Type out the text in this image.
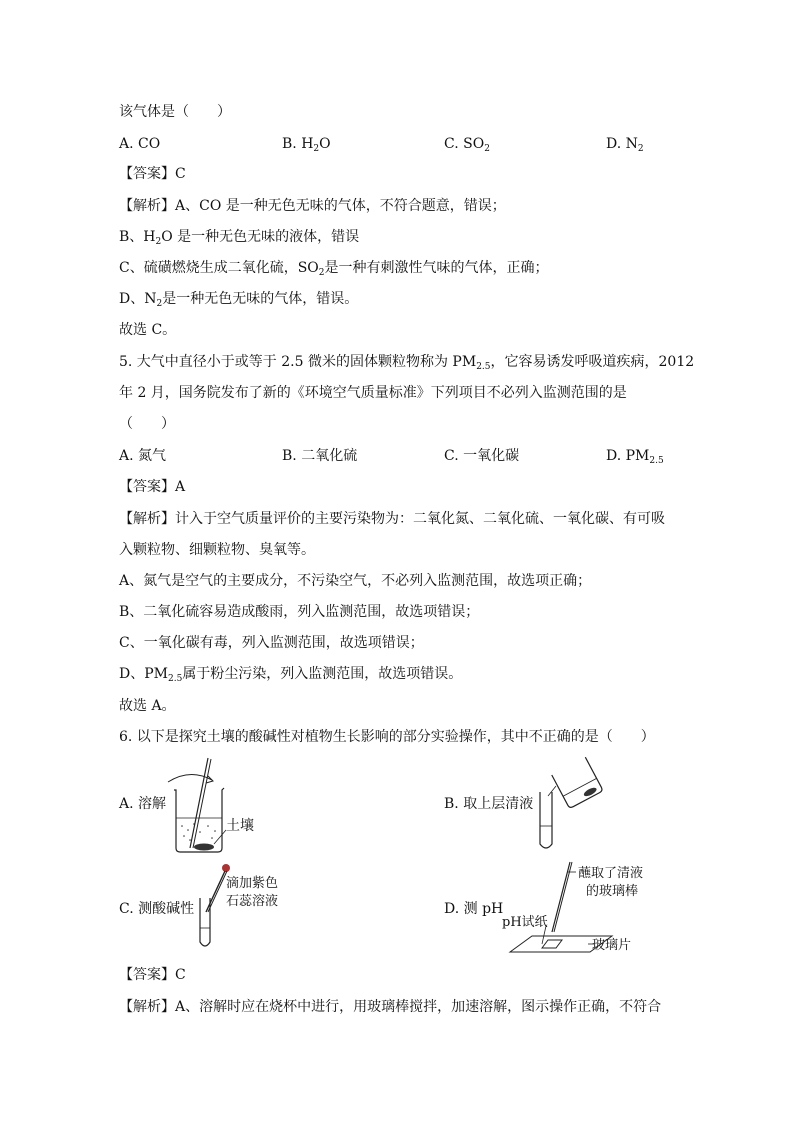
该气体是（　　）
A. CO	B. $H_2O$	C. $SO_2$	D. $N_2$
【答案】C
【解析】A、CO 是一种无色无味的气体，不符合题意，错误；
B、$H_2O$ 是一种无色无味的液体，错误
C、硫磺燃烧生成二氧化硫，$SO_2$是一种有刺激性气味的气体，正确；
D、$N_2$是一种无色无味的气体，错误。
故选 C。
5. 大气中直径小于或等于 2.5 微米的固体颗粒物称为 $PM_{2.5}$，它容易诱发呼吸道疾病，2012
年 2 月，国务院发布了新的《环境空气质量标准》下列项目不必列入监测范围的是
（　　）
A. 氮气	B. 二氧化硫	C. 一氧化碳	D. $PM_{2.5}$
【答案】A
【解析】计入于空气质量评价的主要污染物为：二氧化氮、二氧化硫、一氧化碳、有可吸
入颗粒物、细颗粒物、臭氧等。
A、氮气是空气的主要成分，不污染空气，不必列入监测范围，故选项正确；
B、二氧化硫容易造成酸雨，列入监测范围，故选项错误；
C、一氧化碳有毒，列入监测范围，故选项错误；
D、$PM_{2.5}$属于粉尘污染，列入监测范围，故选项错误。
故选 A。
6. 以下是探究土壤的酸碱性对植物生长影响的部分实验操作，其中不正确的是（　　）
A. 溶解
土壤
B. 取上层清液
C. 测酸碱性
滴加紫色
石蕊溶液	D. 测 pH
蘸取了清液
的玻璃棒
pH试纸
玻璃片
【答案】C
【解析】A、溶解时应在烧杯中进行，用玻璃棒搅拌，加速溶解，图示操作正确，不符合
